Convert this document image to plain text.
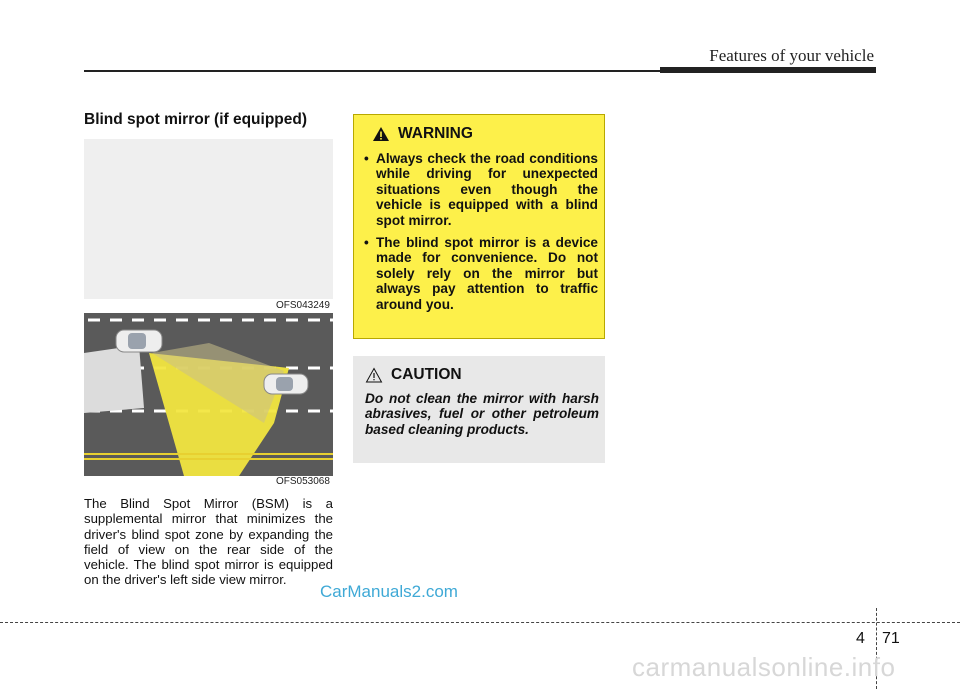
Features of your vehicle
Blind spot mirror (if equipped)
OFS043249
OFS053068
The Blind Spot Mirror (BSM) is a supplemental mirror that minimizes the driver's blind spot zone by expanding the field of view on the rear side of the vehicle. The blind spot mirror is equipped on the driver's left side view mirror.
WARNING
• Always check the road conditions while driving for unexpected situations even though the vehicle is equipped with a blind spot mirror.
• The blind spot mirror is a device made for convenience. Do not solely rely on the mirror but always pay attention to traffic around you.
CAUTION
Do not clean the mirror with harsh abrasives, fuel or other petroleum based cleaning products.
CarManuals2.com
4 71
carmanualsonline.info
